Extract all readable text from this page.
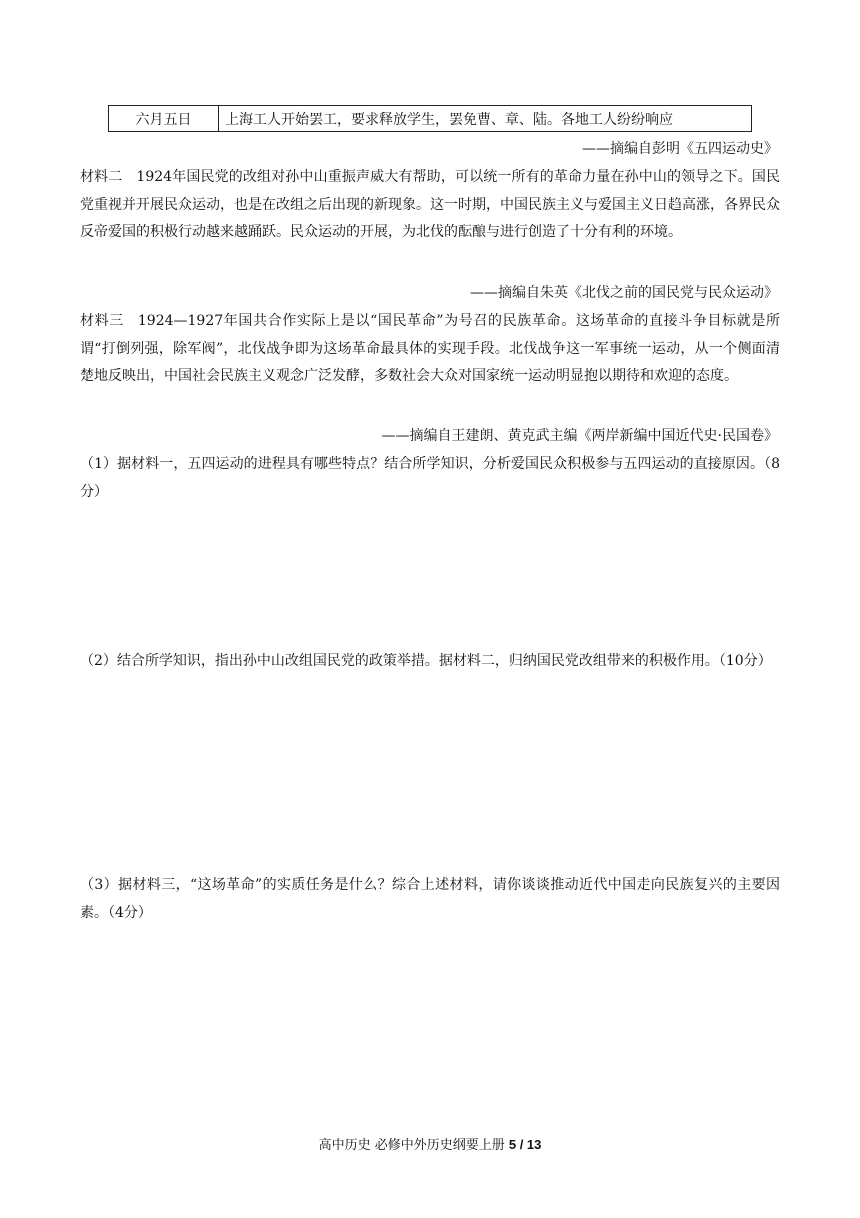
六月五日	上海工人开始罢工，要求释放学生，罢免曹、章、陆。各地工人纷纷响应
——摘编自彭明《五四运动史》

材料二 1924年国民党的改组对孙中山重振声威大有帮助，可以统一所有的革命力量在孙中山的领导之下。国民党重视并开展民众运动，也是在改组之后出现的新现象。这一时期，中国民族主义与爱国主义日趋高涨，各界民众反帝爱国的积极行动越来越踊跃。民众运动的开展，为北伐的酝酿与进行创造了十分有利的环境。

——摘编自朱英《北伐之前的国民党与民众运动》

材料三 1924—1927年国共合作实际上是以“国民革命”为号召的民族革命。这场革命的直接斗争目标就是所谓“打倒列强，除军阀”，北伐战争即为这场革命最具体的实现手段。北伐战争这一军事统一运动，从一个侧面清楚地反映出，中国社会民族主义观念广泛发酵，多数社会大众对国家统一运动明显抱以期待和欢迎的态度。

——摘编自王建朗、黄克武主编《两岸新编中国近代史·民国卷》

（1）据材料一，五四运动的进程具有哪些特点？结合所学知识，分析爱国民众积极参与五四运动的直接原因。（8分）

（2）结合所学知识，指出孙中山改组国民党的政策举措。据材料二，归纳国民党改组带来的积极作用。（10分）

（3）据材料三，“这场革命”的实质任务是什么？综合上述材料，请你谈谈推动近代中国走向民族复兴的主要因素。（4分）

高中历史 必修中外历史纲要上册 5 / 13
